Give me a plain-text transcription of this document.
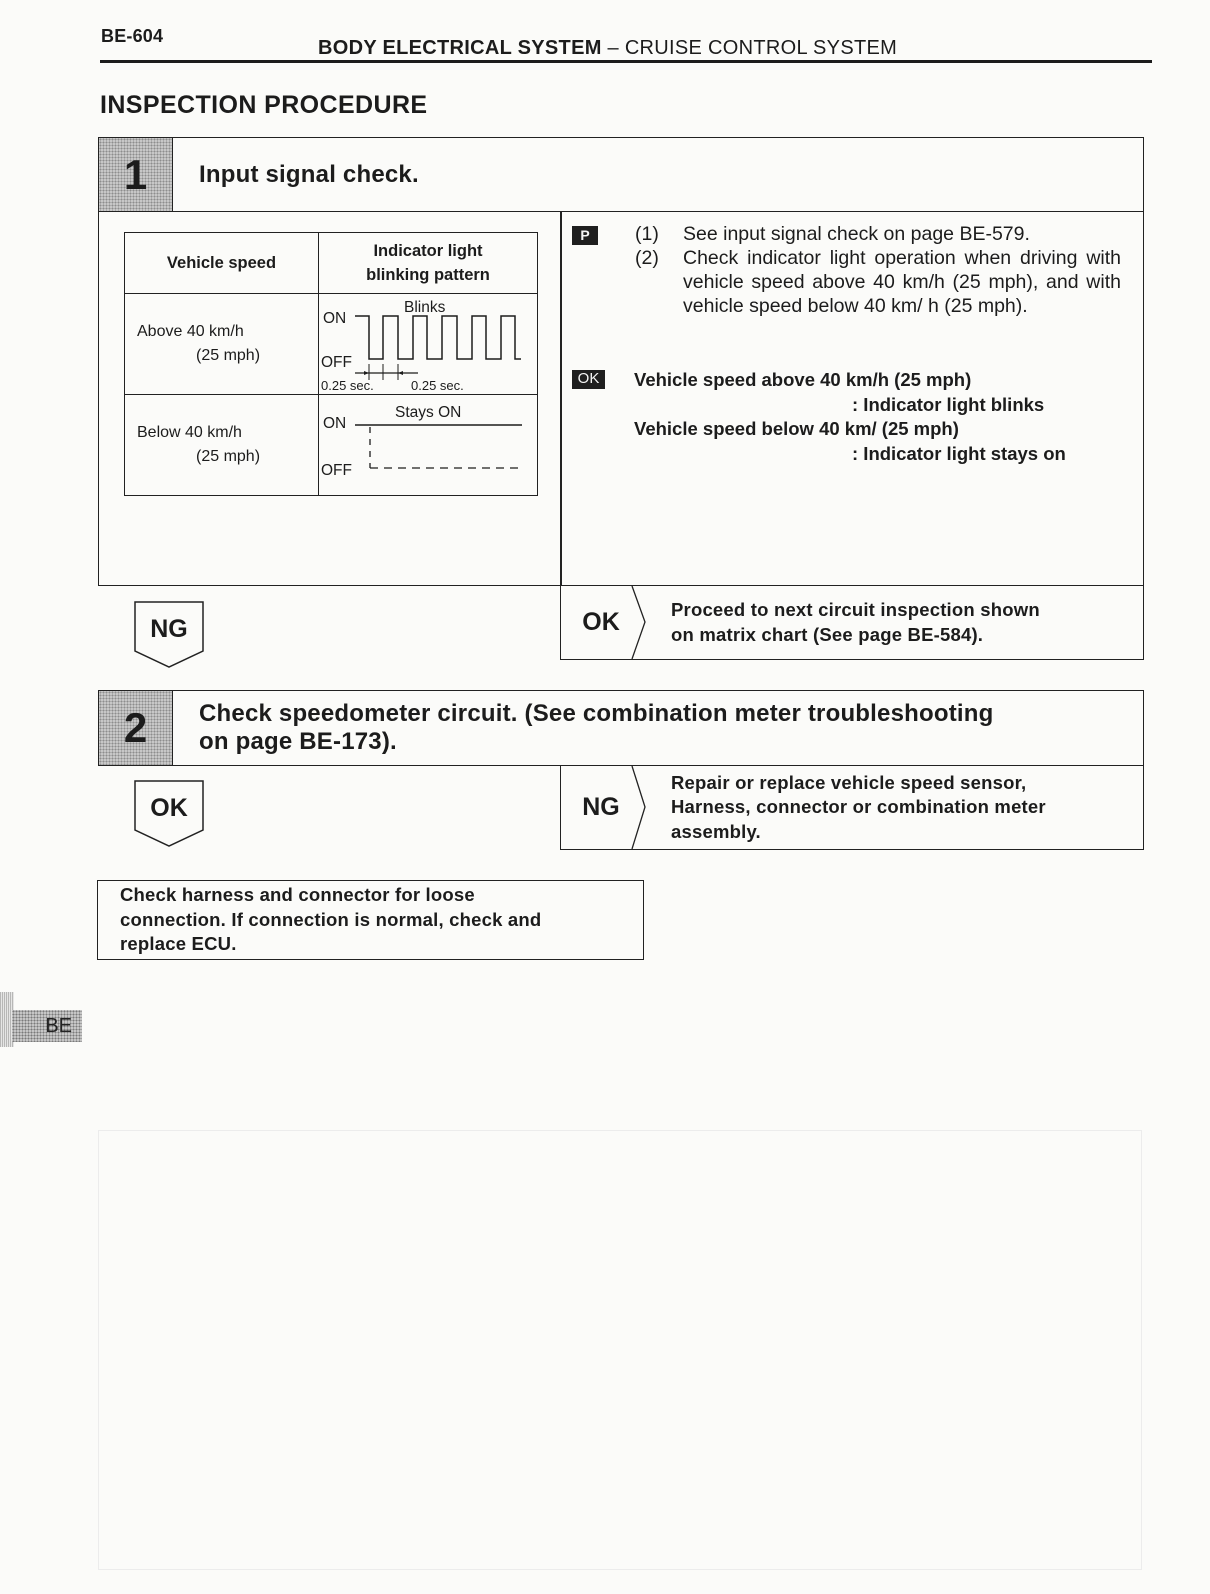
BE-604
BODY ELECTRICAL SYSTEM – CRUISE CONTROL SYSTEM
INSPECTION PROCEDURE
1	Input signal check.
Vehicle speed	Indicator light
blinking pattern
Above 40 km/h
(25 mph)	Blinks
ON
OFF
0.25 sec. 0.25 sec.

Below 40 km/h
(25 mph)	Stays ON
ON
OFF
P	(1)	See input signal check on page BE-579.
(2)	Check indicator light operation when driving with vehicle speed above 40 km/h (25 mph), and with vehicle speed below 40 km/ h (25 mph).
OK	Vehicle speed above 40 km/h (25 mph)
: Indicator light blinks
Vehicle speed below 40 km/ (25 mph)
: Indicator light stays on
NG	OK	Proceed to next circuit inspection shown
on matrix chart (See page BE-584).
2	Check speedometer circuit. (See combination meter troubleshooting
on page BE-173).
OK	NG
Repair or replace vehicle speed sensor,
Harness, connector or combination meter
assembly.
Check harness and connector for loose
connection. If connection is normal, check and
replace ECU.
BE
